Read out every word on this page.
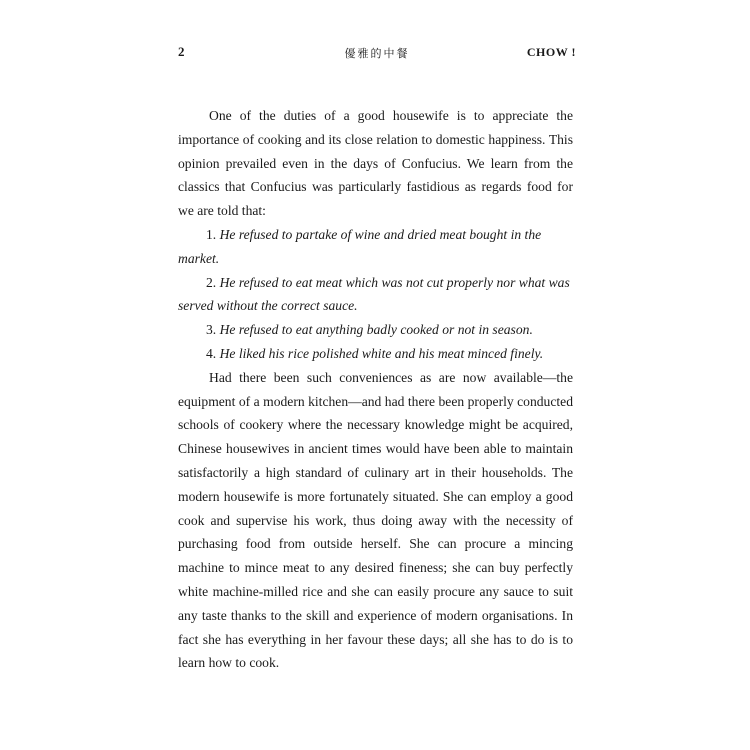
2	優雅的中餐	CHOW !

One of the duties of a good housewife is to appreciate the importance of cooking and its close relation to domestic happiness. This opinion prevailed even in the days of Confucius. We learn from the classics that Confucius was particularly fastidious as regards food for we are told that:

1. He refused to partake of wine and dried meat bought in the market.

2. He refused to eat meat which was not cut properly nor what was served without the correct sauce.

3. He refused to eat anything badly cooked or not in season.

4. He liked his rice polished white and his meat minced finely.

Had there been such conveniences as are now available—the equipment of a modern kitchen—and had there been properly conducted schools of cookery where the necessary knowledge might be acquired, Chinese housewives in ancient times would have been able to maintain satisfactorily a high standard of culinary art in their households. The modern housewife is more fortunately situated. She can employ a good cook and supervise his work, thus doing away with the necessity of purchasing food from outside herself. She can procure a mincing machine to mince meat to any desired fineness; she can buy perfectly white machine-milled rice and she can easily procure any sauce to suit any taste thanks to the skill and experience of modern organisations. In fact she has everything in her favour these days; all she has to do is to learn how to cook.
